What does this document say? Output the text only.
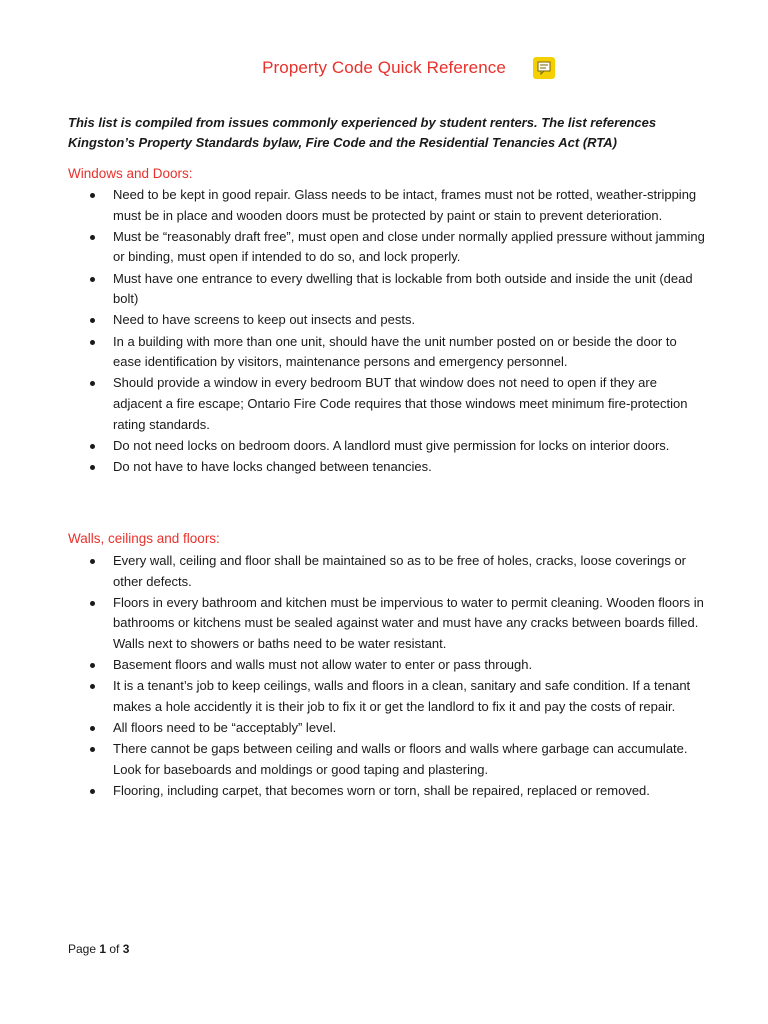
Property Code Quick Reference

This list is compiled from issues commonly experienced by student renters. The list references Kingston’s Property Standards bylaw, Fire Code and the Residential Tenancies Act (RTA)

Windows and Doors:

Need to be kept in good repair. Glass needs to be intact, frames must not be rotted, weather-stripping must be in place and wooden doors must be protected by paint or stain to prevent deterioration.
Must be “reasonably draft free”, must open and close under normally applied pressure without jamming or binding, must open if intended to do so, and lock properly.
Must have one entrance to every dwelling that is lockable from both outside and inside the unit (dead bolt)
Need to have screens to keep out insects and pests.
In a building with more than one unit, should have the unit number posted on or beside the door to ease identification by visitors, maintenance persons and emergency personnel.
Should provide a window in every bedroom BUT that window does not need to open if they are adjacent a fire escape; Ontario Fire Code requires that those windows meet minimum fire-protection rating standards.
Do not need locks on bedroom doors. A landlord must give permission for locks on interior doors.
Do not have to have locks changed between tenancies.

Walls, ceilings and floors:

Every wall, ceiling and floor shall be maintained so as to be free of holes, cracks, loose coverings or other defects.
Floors in every bathroom and kitchen must be impervious to water to permit cleaning. Wooden floors in bathrooms or kitchens must be sealed against water and must have any cracks between boards filled. Walls next to showers or baths need to be water resistant.
Basement floors and walls must not allow water to enter or pass through.
It is a tenant’s job to keep ceilings, walls and floors in a clean, sanitary and safe condition. If a tenant makes a hole accidently it is their job to fix it or get the landlord to fix it and pay the costs of repair.
All floors need to be “acceptably” level.
There cannot be gaps between ceiling and walls or floors and walls where garbage can accumulate. Look for baseboards and moldings or good taping and plastering.
Flooring, including carpet, that becomes worn or torn, shall be repaired, replaced or removed.
Page 1 of 3
